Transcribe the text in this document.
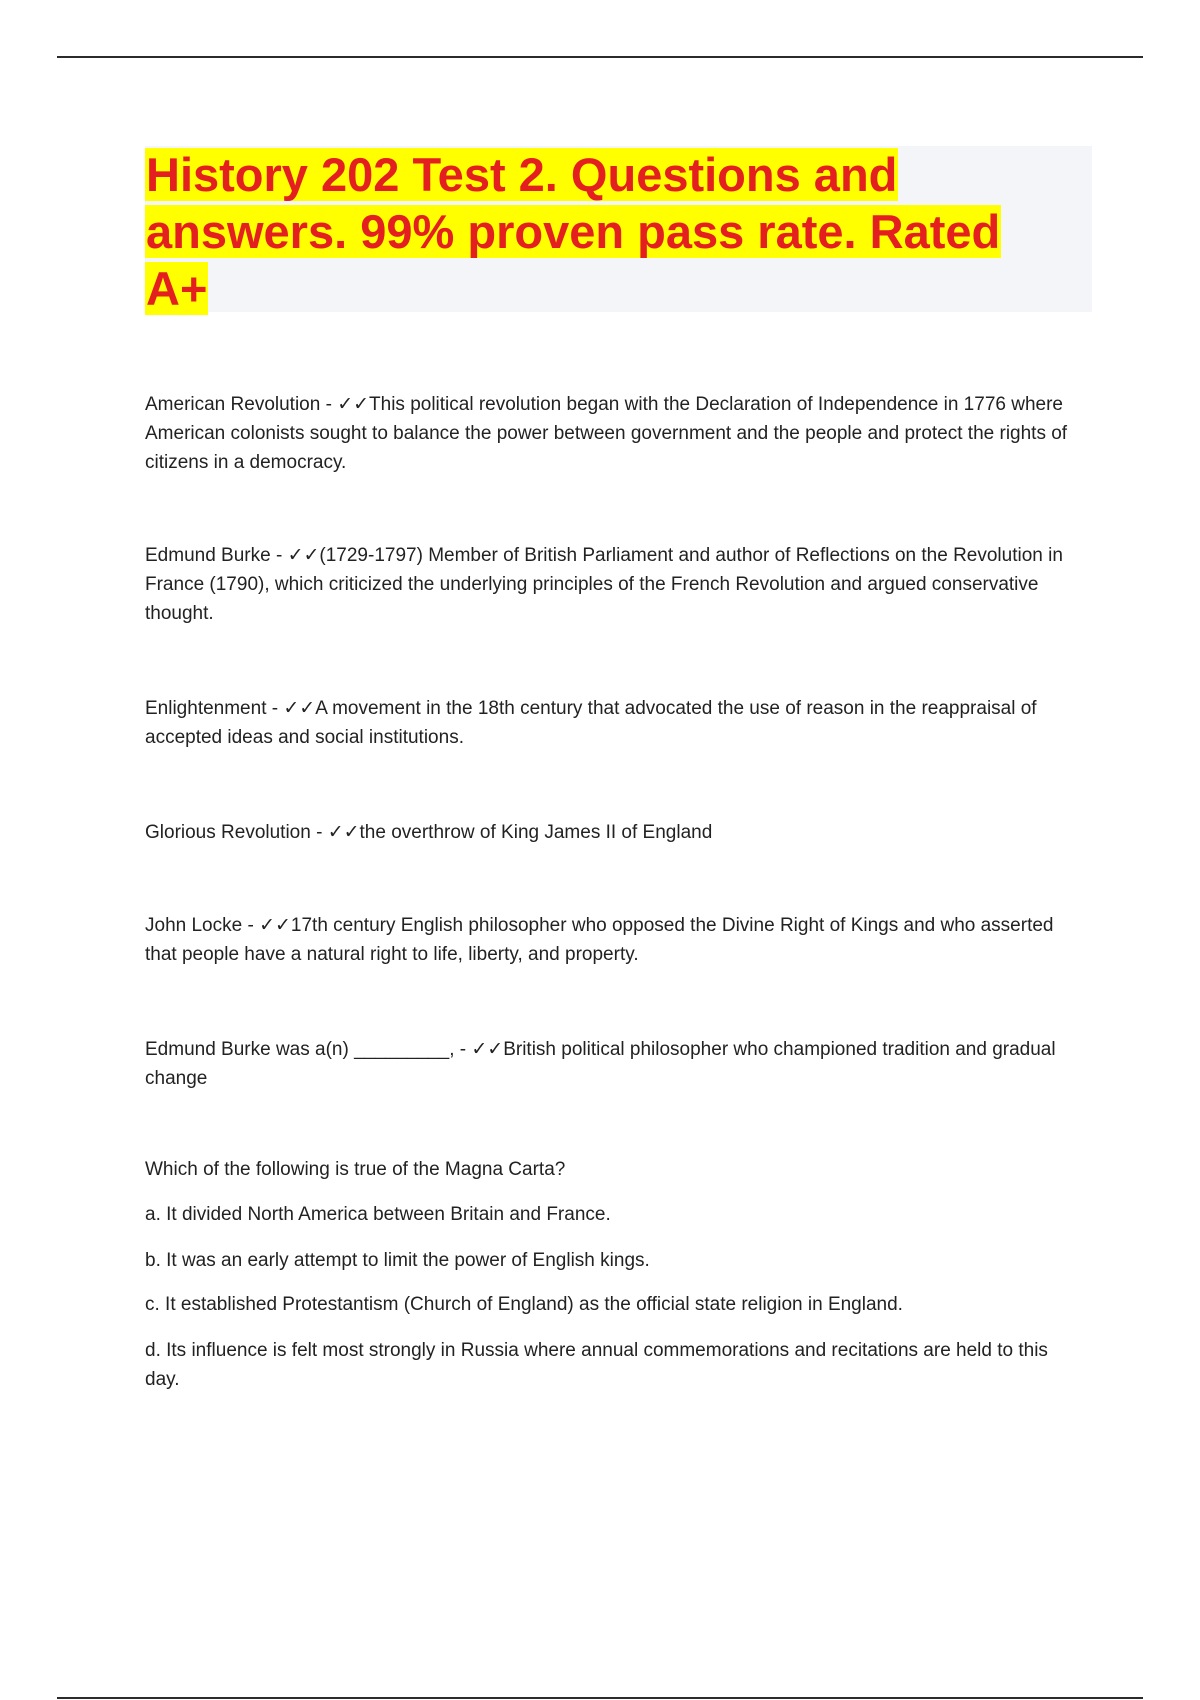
History 202 Test 2. Questions and answers. 99% proven pass rate. Rated A+

American Revolution - ✓✓This political revolution began with the Declaration of Independence in 1776 where American colonists sought to balance the power between government and the people and protect the rights of citizens in a democracy.

Edmund Burke - ✓✓(1729-1797) Member of British Parliament and author of Reflections on the Revolution in France (1790), which criticized the underlying principles of the French Revolution and argued conservative thought.

Enlightenment - ✓✓A movement in the 18th century that advocated the use of reason in the reappraisal of accepted ideas and social institutions.

Glorious Revolution - ✓✓the overthrow of King James II of England

John Locke - ✓✓17th century English philosopher who opposed the Divine Right of Kings and who asserted that people have a natural right to life, liberty, and property.

Edmund Burke was a(n) _________, - ✓✓British political philosopher who championed tradition and gradual change

Which of the following is true of the Magna Carta?

a. It divided North America between Britain and France.

b. It was an early attempt to limit the power of English kings.

c. It established Protestantism (Church of England) as the official state religion in England.

d. Its influence is felt most strongly in Russia where annual commemorations and recitations are held to this day.
